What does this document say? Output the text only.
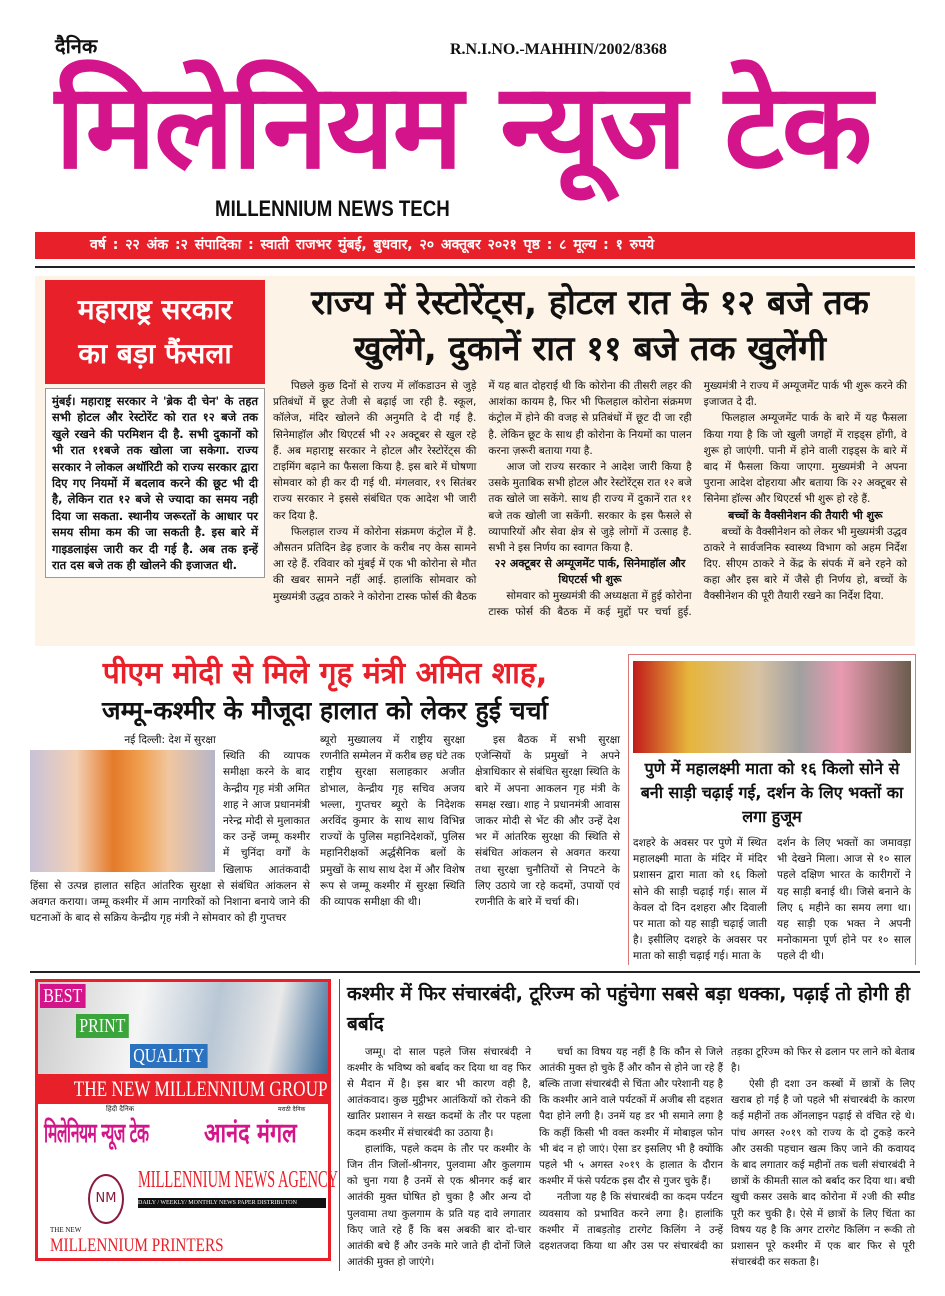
दैनिक	R.N.I.NO.-MAHHIN/2002/8368
मिलेनियम न्यूज टेक
MILLENNIUM NEWS TECH
वर्ष : २२ अंक :२ संपादिका : स्वाती राजभर मुंबई, बुधवार, २० अक्तूबर २०२१ पृष्ठ : ८ मूल्य : १ रुपये
महाराष्ट्र सरकार
का बड़ा फैंसला
मुंबई। महाराष्ट्र सरकार ने 'ब्रेक दी चेन' के तहत सभी होटल और रेस्टोरेंट को रात १२ बजे तक खुले रखने की परमिशन दी है. सभी दुकानों को भी रात ११बजे तक खोला जा सकेगा. राज्य सरकार ने लोकल अथॉरिटी को राज्य सरकार द्वारा दिए गए नियमों में बदलाव करने की छूट भी दी है, लेकिन रात १२ बजे से ज्यादा का समय नही दिया जा सकता. स्थानीय जरूरतों के आधार पर समय सीमा कम की जा सकती है. इस बारे में गाइडलाइंस जारी कर दी गई है. अब तक इन्हें रात दस बजे तक ही खोलने की इजाजत थी.
राज्य में रेस्टोरेंट्स, होटल रात के १२ बजे तक
खुलेंगे, दुकानें रात ११ बजे तक खुलेंगी

पिछले कुछ दिनों से राज्य में लॉकडाउन से जुड़े प्रतिबंधों में छूट तेजी से बढ़ाई जा रही है. स्कूल, कॉलेज, मंदिर खोलने की अनुमति दे दी गई है. सिनेमाहॉल और थिएटर्स भी २२ अक्टूबर से खुल रहे हैं. अब महाराष्ट्र सरकार ने होटल और रेस्टोरेंट्स की टाइमिंग बढ़ाने का फैसला किया है. इस बारे में घोषणा सोमवार को ही कर दी गई थी. मंगलवार, १९ सितंबर राज्य सरकार ने इससे संबंधित एक आदेश भी जारी कर दिया है.

फिलहाल राज्य में कोरोना संक्रमण कंट्रोल में है. औसतन प्रतिदिन डेढ़ हजार के करीब नए केस सामने आ रहे हैं. रविवार को मुंबई में एक भी कोरोना से मौत की खबर सामने नहीं आई. हालांकि सोमवार को मुख्यमंत्री उद्धव ठाकरे ने कोरोना टास्क फोर्स की बैठक में यह बात दोहराई थी कि कोरोना की तीसरी लहर की आशंका कायम है, फिर भी फिलहाल कोरोना संक्रमण कंट्रोल में होने की वजह से प्रतिबंधों में छूट दी जा रही है. लेकिन छूट के साथ ही कोरोना के नियमों का पालन करना ज़रूरी बताया गया है.

आज जो राज्य सरकार ने आदेश जारी किया है उसके मुताबिक सभी होटल और रेस्टोरेंट्स रात १२ बजे तक खोले जा सकेंगे. साथ ही राज्य में दुकानें रात ११ बजे तक खोली जा सकेंगी. सरकार के इस फैसले से व्यापारियों और सेवा क्षेत्र से जुड़े लोगों में उत्साह है. सभी ने इस निर्णय का स्वागत किया है.

२२ अक्टूबर से अम्यूजमेंट पार्क, सिनेमाहॉल और थिएटर्स भी शुरू

सोमवार को मुख्यमंत्री की अध्यक्षता में हुई कोरोना टास्क फोर्स की बैठक में कई मुद्दों पर चर्चा हुई. मुख्यमंत्री ने राज्य में अम्यूजमेंट पार्क भी शुरू करने की इजाजत दे दी.

फिलहाल अम्यूजमेंट पार्क के बारे में यह फैसला किया गया है कि जो खुली जगहों में राइड्स होंगी, वे शुरू हो जाएंगी. पानी में होने वाली राइड्स के बारे में बाद में फैसला किया जाएगा. मुख्यमंत्री ने अपना पुराना आदेश दोहराया और बताया कि २२ अक्टूबर से सिनेमा हॉल्स और थिएटर्स भी शुरू हो रहे हैं.

बच्चों के वैक्सीनेशन की तैयारी भी शुरू

बच्चों के वैक्सीनेशन को लेकर भी मुख्यमंत्री उद्धव ठाकरे ने सार्वजनिक स्वास्थ्य विभाग को अहम निर्देश दिए. सीएम ठाकरे ने केंद्र के संपर्क में बने रहने को कहा और इस बारे में जैसे ही निर्णय हो, बच्चों के वैक्सीनेशन की पूरी तैयारी रखने का निर्देश दिया.

पीएम मोदी से मिले गृह मंत्री अमित शाह,
जम्मू-कश्मीर के मौजूदा हालात को लेकर हुई चर्चा
नई दिल्ली: देश में सुरक्षा
स्थिति की व्यापक समीक्षा करने के बाद केन्द्रीय गृह मंत्री अमित शाह ने आज प्रधानमंत्री नरेन्द्र मोदी से मुलाकात कर उन्हें जम्मू कश्मीर में चुनिंदा वर्गों के खिलाफ आतंकवादी हिंसा से उत्पन्न हालात सहित आंतरिक सुरक्षा से संबंधित आंकलन से अवगत कराया। जम्मू कश्मीर में आम नागरिकों को निशाना बनाये जाने की घटनाओं के बाद से सक्रिय केन्द्रीय गृह मंत्री ने सोमवार को ही गुप्तचर

ब्यूरो मुख्यालय में राष्ट्रीय सुरक्षा रणनीति सम्मेलन में करीब छह घंटे तक राष्ट्रीय सुरक्षा सलाहकार अजीत डोभाल, केन्द्रीय गृह सचिव अजय भल्ला, गुप्तचर ब्यूरो के निदेशक अरविंद कुमार के साथ साथ विभिन्न राज्यों के पुलिस महानिदेशकों, पुलिस महानिरीक्षकों अर्द्धसैनिक बलों के प्रमुखों के साथ साथ देश में और विशेष रूप से जम्मू कश्मीर में सुरक्षा स्थिति की व्यापक समीक्षा की थी।

इस बैठक में सभी सुरक्षा एजेन्सियों के प्रमुखों ने अपने क्षेत्राधिकार से संबंधित सुरक्षा स्थिति के बारे में अपना आकलन गृह मंत्री के समक्ष रखा। शाह ने प्रधानमंत्री आवास जाकर मोदी से भेंट की और उन्हें देश भर में आंतरिक सुरक्षा की स्थिति से संबंधित आंकलन से अवगत करया तथा सुरक्षा चुनौतियों से निपटने के लिए उठाये जा रहे कदमों, उपायों एवं रणनीति के बारे में चर्चा की।

पुणे में महालक्ष्मी माता को १६ किलो सोने से बनी साड़ी चढ़ाई गई, दर्शन के लिए भक्तों का लगा हुजूम

दशहरे के अवसर पर पुणे में स्थित महालक्ष्मी माता के मंदिर में मंदिर प्रशासन द्वारा माता को १६ किलो सोने की साड़ी चढ़ाई गई। साल में केवल दो दिन दशहरा और दिवाली पर माता को यह साड़ी चढ़ाई जाती है। इसीलिए दशहरे के अवसर पर माता को साड़ी चढ़ाई गई। माता के

दर्शन के लिए भक्तों का जमावड़ा भी देखने मिला। आज से १० साल पहले दक्षिण भारत के कारीगरों ने यह साड़ी बनाई थी। जिसे बनाने के लिए ६ महीने का समय लगा था। यह साड़ी एक भक्त ने अपनी मनोकामना पूर्ण होने पर १० साल पहले दी थी।

BEST
PRINT
QUALITY
THE NEW MILLENNIUM GROUP
हिंदी दैनिक
मिलेनियम न्यूज टेक
मराठी दैनिक
आनंद मंगल
NM
MILLENNIUM NEWS AGENCY
DAILY / WEEKLY/ MONTHLY NEWS PAPER DISTRIBUTON
THE NEW
MILLENNIUM PRINTERS
कश्मीर में फिर संचारबंदी, टूरिज्म को पहुंचेगा सबसे बड़ा धक्का, पढ़ाई तो होगी ही बर्बाद

जम्मू। दो साल पहले जिस संचारबंदी ने कश्मीर के भविष्य को बर्बाद कर दिया था वह फिर से मैदान में है। इस बार भी कारण वही है, आतंकवाद। कुछ मुट्ठीभर आतंकियों को रोकने की खातिर प्रशासन ने सख्त कदमों के तौर पर पहला कदम कश्मीर में संचारबंदी का उठाया है।

हालांकि, पहले कदम के तौर पर कश्मीर के जिन तीन जिलों-श्रीनगर, पुलवामा और कुलगाम को चुना गया है उनमें से एक श्रीनगर कई बार आतंकी मुक्त घोषित हो चुका है और अन्य दो पुलवामा तथा कुलगाम के प्रति यह दावे लगातार किए जाते रहे हैं कि बस अबकी बार दो-चार आतंकी बचे हैं और उनके मारे जाते ही दोनों जिले आतंकी मुक्त हो जाएंगे।

चर्चा का विषय यह नहीं है कि कौन से जिले आतंकी मुक्त हो चुके हैं और कौन से होने जा रहे हैं बल्कि ताजा संचारबंदी से चिंता और परेशानी यह है कि कश्मीर आने वाले पर्यटकों में अजीब सी दहशत पैदा होने लगी है। उनमें यह डर भी समाने लगा है कि कहीं किसी भी वक्त कश्मीर में मोबाइल फोन भी बंद न हो जाएं। ऐसा डर इसलिए भी है क्योंकि पहले भी ५ अगस्त २०१९ के हालात के दौरान कश्मीर में फंसे पर्यटक इस दौर से गुजर चुके हैं।

नतीजा यह है कि संचारबंदी का कदम पर्यटन व्यवसाय को प्रभावित करने लगा है। हालांकि कश्मीर में ताबड़तोड़ टारगेट किलिंग ने उन्हें दहशतजदा किया था और उस पर संचारबंदी का तड़का टूरिज्म को फिर से ढलान पर लाने को बेताब है।

ऐसी ही दशा उन कस्बों में छात्रों के लिए खराब हो गई है जो पहले भी संचारबंदी के कारण कई महीनों तक ऑनलाइन पढ़ाई से वंचित रहे थे। पांच अगस्त २०१९ को राज्य के दो टुकड़े करने और उसकी पहचान खत्म किए जाने की कवायद के बाद लगातार कई महीनों तक चली संचारबंदी ने छात्रों के कीमती साल को बर्बाद कर दिया था। बची खुची कसर उसके बाद कोरोना में २जी की स्पीड पूरी कर चुकी है। ऐसे में छात्रों के लिए चिंता का विषय यह है कि अगर टारगेट किलिंग न रूकी तो प्रशासन पूरे कश्मीर में एक बार फिर से पूरी संचारबंदी कर सकता है।
